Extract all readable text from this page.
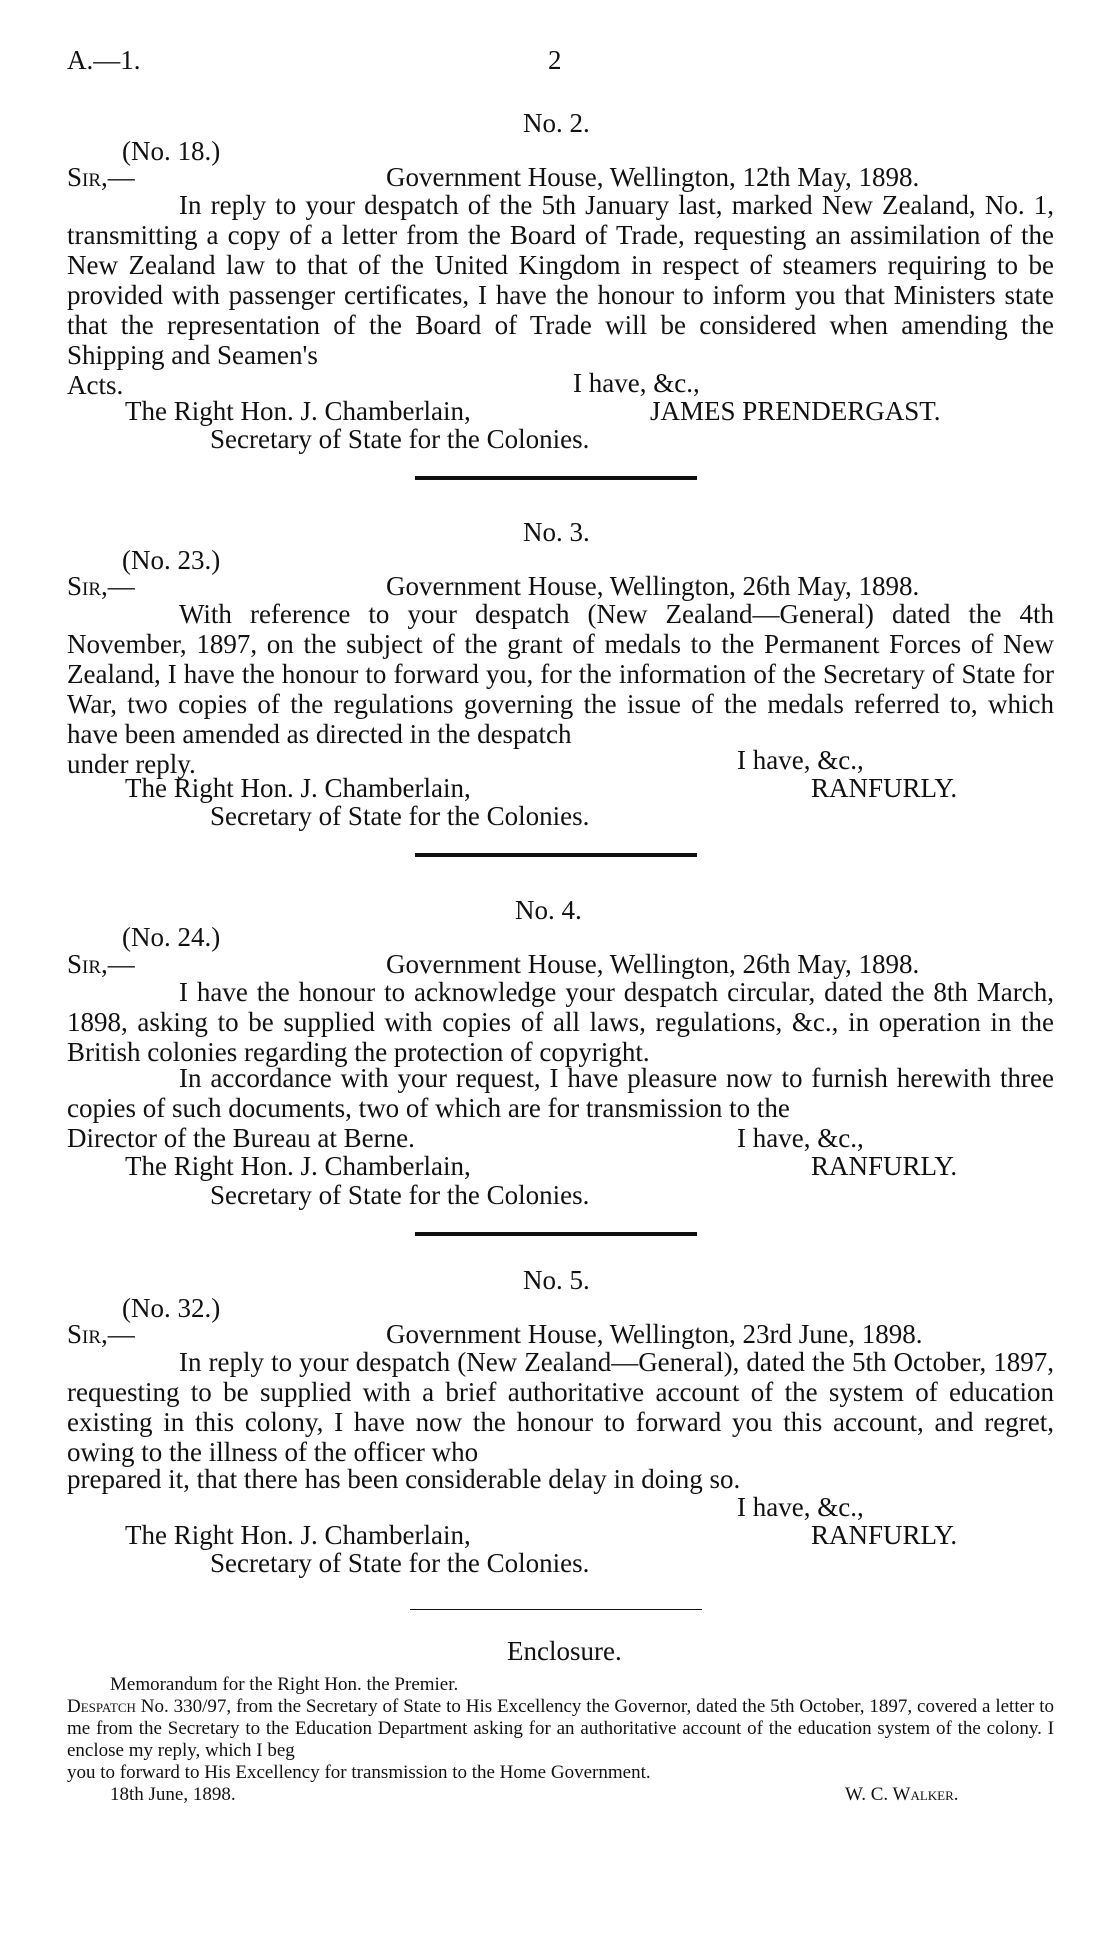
A.—1.	2
No. 2.
(No. 18.)
Sir,—	Government House, Wellington, 12th May, 1898.
In reply to your despatch of the 5th January last, marked New Zealand, No. 1, transmitting a copy of a letter from the Board of Trade, requesting an assimilation of the New Zealand law to that of the United Kingdom in respect of steamers requiring to be provided with passenger certificates, I have the honour to inform you that Ministers state that the representation of the Board of Trade will be considered when amending the Shipping and Seamen's
Acts.	I have, &c.,
The Right Hon. J. Chamberlain,	JAMES PRENDERGAST.
Secretary of State for the Colonies.
No. 3.
(No. 23.)
Sir,—	Government House, Wellington, 26th May, 1898.
With reference to your despatch (New Zealand—General) dated the 4th November, 1897, on the subject of the grant of medals to the Permanent Forces of New Zealand, I have the honour to forward you, for the information of the Secretary of State for War, two copies of the regulations governing the issue of the medals referred to, which have been amended as directed in the despatch
under reply.	I have, &c.,
The Right Hon. J. Chamberlain,	RANFURLY.
Secretary of State for the Colonies.
No. 4.
(No. 24.)
Sir,—	Government House, Wellington, 26th May, 1898.
I have the honour to acknowledge your despatch circular, dated the 8th March, 1898, asking to be supplied with copies of all laws, regulations, &c., in operation in the British colonies regarding the protection of copyright.
In accordance with your request, I have pleasure now to furnish herewith three copies of such documents, two of which are for transmission to the
Director of the Bureau at Berne.	I have, &c.,
The Right Hon. J. Chamberlain,	RANFURLY.
Secretary of State for the Colonies.
No. 5.
(No. 32.)
Sir,—	Government House, Wellington, 23rd June, 1898.
In reply to your despatch (New Zealand—General), dated the 5th October, 1897, requesting to be supplied with a brief authoritative account of the system of education existing in this colony, I have now the honour to forward you this account, and regret, owing to the illness of the officer who
prepared it, that there has been considerable delay in doing so.
I have, &c.,
The Right Hon. J. Chamberlain,	RANFURLY.
Secretary of State for the Colonies.
Enclosure.
Memorandum for the Right Hon. the Premier.
Despatch No. 330/97, from the Secretary of State to His Excellency the Governor, dated the 5th October, 1897, covered a letter to me from the Secretary to the Education Department asking for an authoritative account of the education system of the colony. I enclose my reply, which I beg
you to forward to His Excellency for transmission to the Home Government.
18th June, 1898.	W. C. Walker.
